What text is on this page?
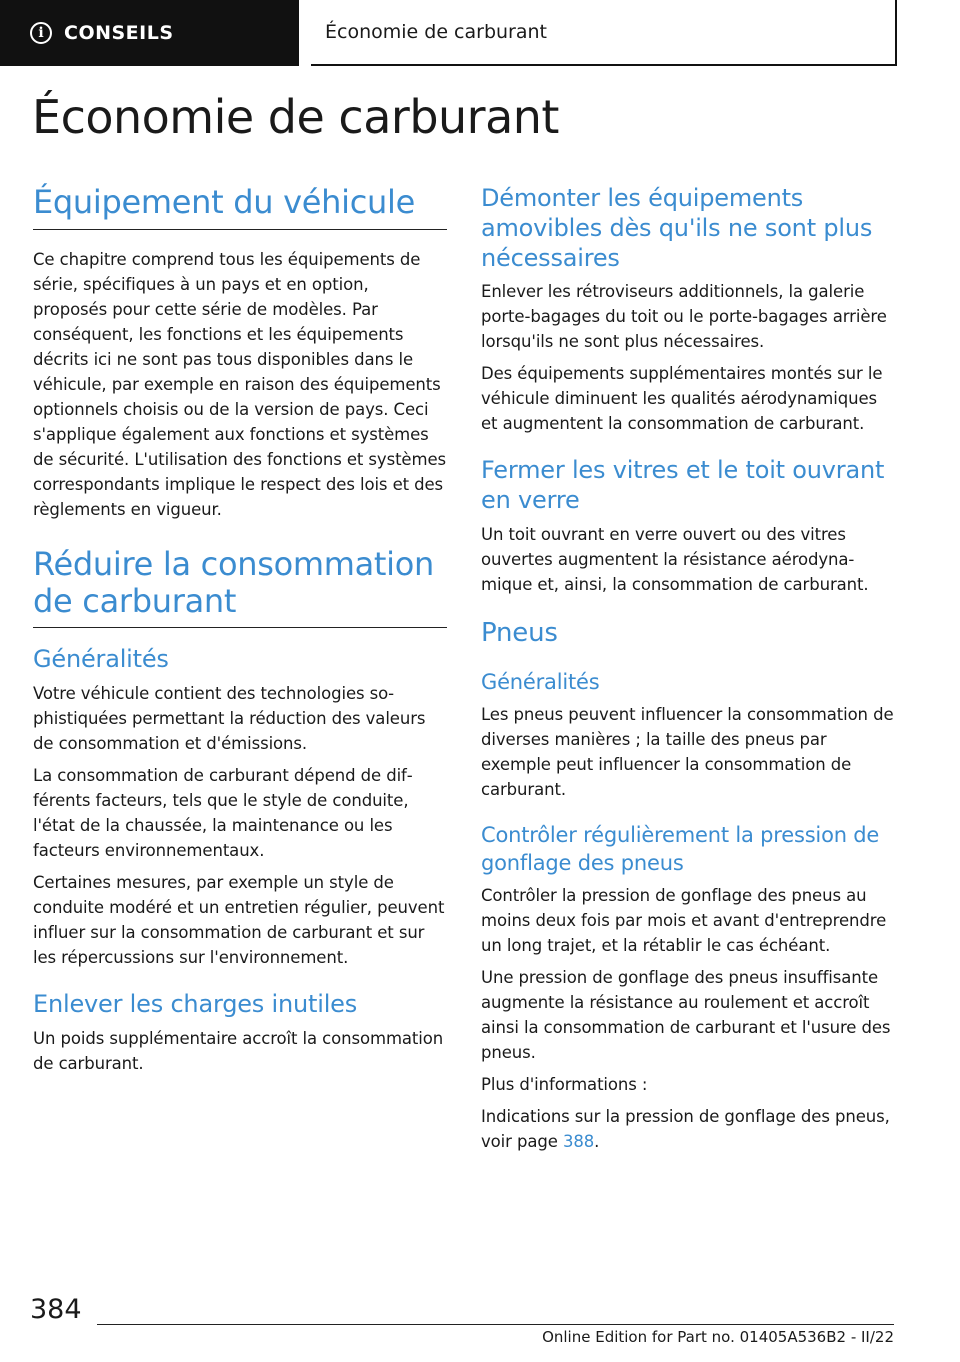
i	CONSEILS	Économie de carburant
Économie de carburant
Équipement du véhicule

Ce chapitre comprend tous les équipements de série, spécifiques à un pays et en option, proposés pour cette série de modèles. Par conséquent, les fonctions et les équipements décrits ici ne sont pas tous disponibles dans le véhicule, par exemple en raison des équipements optionnels choisis ou de la version de pays. Ceci s'applique également aux fonctions et systèmes de sécurité. L'utilisation des fonctions et systèmes correspondants implique le respect des lois et des règlements en vigueur.

Réduire la consommation de carburant
Généralités

Votre véhicule contient des technologies sophistiquées permettant la réduction des valeurs de consommation et d'émissions.

La consommation de carburant dépend de différents facteurs, tels que le style de conduite, l'état de la chaussée, la maintenance ou les facteurs environnementaux.

Certaines mesures, par exemple un style de conduite modéré et un entretien régulier, peuvent influer sur la consommation de carburant et sur les répercussions sur l'environnement.

Enlever les charges inutiles

Un poids supplémentaire accroît la consommation de carburant.

Démonter les équipements amovibles dès qu'ils ne sont plus nécessaires

Enlever les rétroviseurs additionnels, la galerie porte-bagages du toit ou le porte-bagages arrière lorsqu'ils ne sont plus nécessaires.

Des équipements supplémentaires montés sur le véhicule diminuent les qualités aérodynamiques et augmentent la consommation de carburant.

Fermer les vitres et le toit ouvrant en verre

Un toit ouvrant en verre ouvert ou des vitres ouvertes augmentent la résistance aérodynamique et, ainsi, la consommation de carburant.

Pneus
Généralités

Les pneus peuvent influencer la consommation de diverses manières ; la taille des pneus par exemple peut influencer la consommation de carburant.

Contrôler régulièrement la pression de gonflage des pneus

Contrôler la pression de gonflage des pneus au moins deux fois par mois et avant d'entreprendre un long trajet, et la rétablir le cas échéant.

Une pression de gonflage des pneus insuffisante augmente la résistance au roulement et accroît ainsi la consommation de carburant et l'usure des pneus.

Plus d'informations :

Indications sur la pression de gonflage des pneus, voir page 388.

384
Online Edition for Part no. 01405A536B2 - II/22
